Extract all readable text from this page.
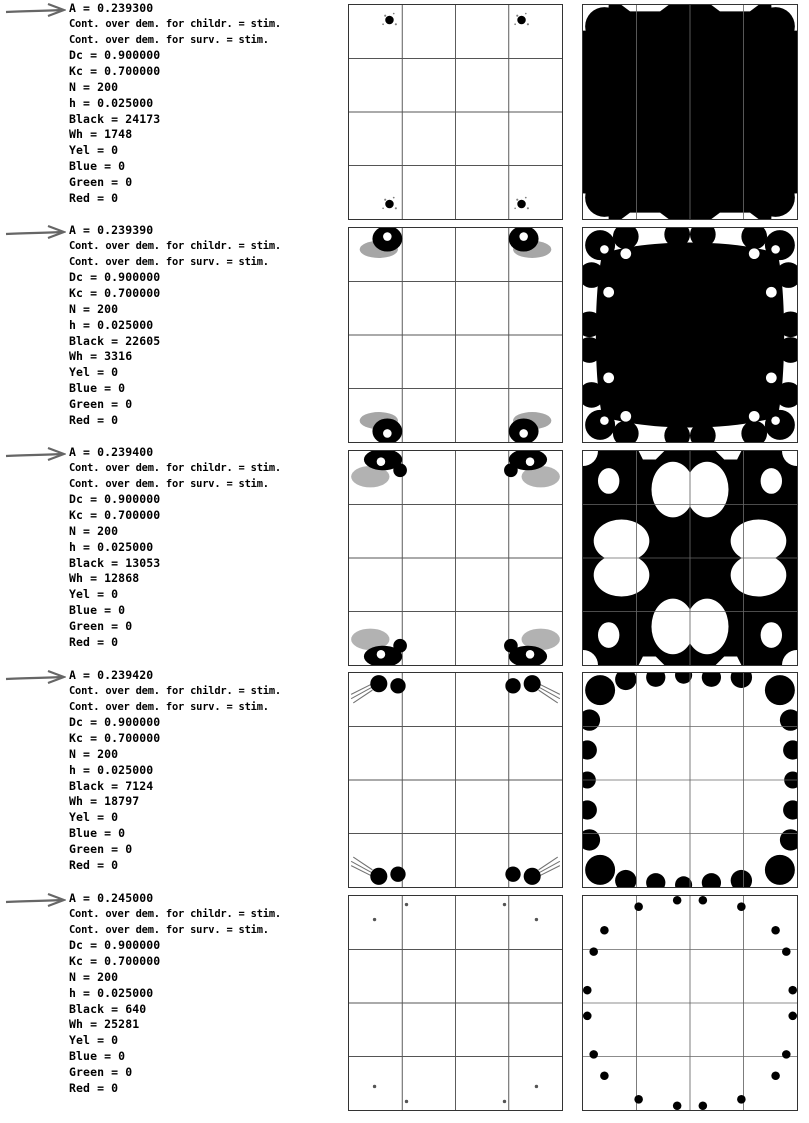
A = 0.239300
Cont. over dem. for childr. = stim.
Cont. over dem. for surv. = stim.
Dc = 0.900000
Kc = 0.700000
N = 200
h = 0.025000
Black = 24173
Wh = 1748
Yel = 0
Blue = 0
Green = 0
Red = 0
A = 0.239390
Cont. over dem. for childr. = stim.
Cont. over dem. for surv. = stim.
Dc = 0.900000
Kc = 0.700000
N = 200
h = 0.025000
Black = 22605
Wh = 3316
Yel = 0
Blue = 0
Green = 0
Red = 0
A = 0.239400
Cont. over dem. for childr. = stim.
Cont. over dem. for surv. = stim.
Dc = 0.900000
Kc = 0.700000
N = 200
h = 0.025000
Black = 13053
Wh = 12868
Yel = 0
Blue = 0
Green = 0
Red = 0
A = 0.239420
Cont. over dem. for childr. = stim.
Cont. over dem. for surv. = stim.
Dc = 0.900000
Kc = 0.700000
N = 200
h = 0.025000
Black = 7124
Wh = 18797
Yel = 0
Blue = 0
Green = 0
Red = 0
A = 0.245000
Cont. over dem. for childr. = stim.
Cont. over dem. for surv. = stim.
Dc = 0.900000
Kc = 0.700000
N = 200
h = 0.025000
Black = 640
Wh = 25281
Yel = 0
Blue = 0
Green = 0
Red = 0
